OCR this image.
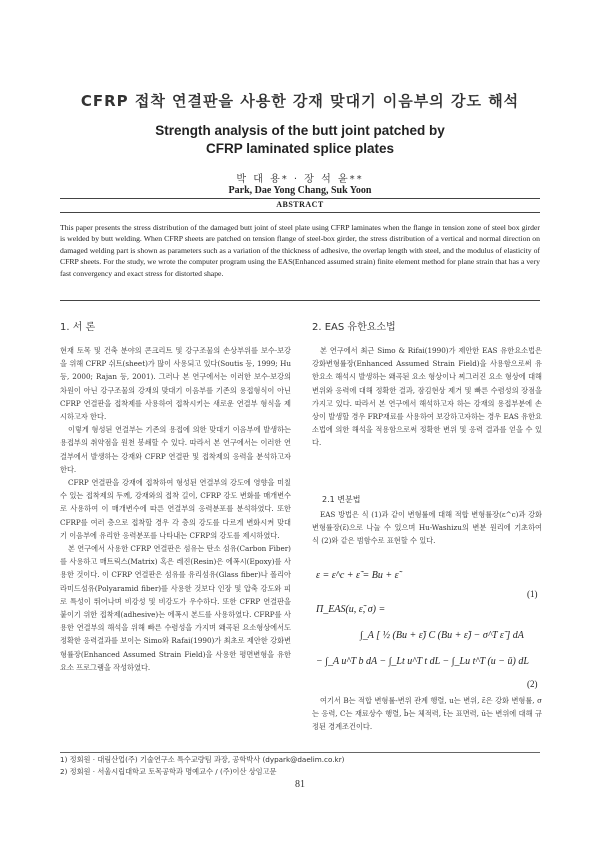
CFRP 접착 연결판을 사용한 강재 맞대기 이음부의 강도 해석
Strength analysis of the butt joint patched by
CFRP laminated splice plates
박 대 용* · 장 석 윤**
Park, Dae Yong Chang, Suk Yoon
ABSTRACT
This paper presents the stress distribution of the damaged butt joint of steel plate using CFRP laminates when the flange in tension zone of steel box girder is welded by butt welding. When CFRP sheets are patched on tension flange of steel-box girder, the stress distribution of a vertical and normal direction on damaged welding part is shown as parameters such as a variation of the thickness of adhesive, the overlap length with steel, and the modulus of elasticity of CFRP sheets. For the study, we wrote the computer program using the EAS(Enhanced assumed strain) finite element method for plane strain that has a very fast convergency and exact stress for distorted shape.
1. 서 론
현재 토목 및 건축 분야의 콘크리트 및 강구조물의 손상부위를 보수·보강을 위해 CFRP 쉬트(sheet)가 많이 사용되고 있다(Soutis 등, 1999; Hu 등, 2000; Rajan 등, 2001). 그러나 본 연구에서는 이러한 보수·보강의 차원이 아닌 강구조물의 강재의 맞대기 이음부를 기존의 용접형식이 아닌 CFRP 연결판을 접착제를 사용하여 접착시키는 새로운 연결부 형식을 제시하고자 한다.
이렇게 형성된 연결부는 기존의 용접에 의한 맞대기 이음부에 발생하는 용접부의 취약점을 원천 봉쇄할 수 있다. 따라서 본 연구에서는 이러한 연결부에서 발생하는 강재와 CFRP 연결판 및 접착제의 응력을 분석하고자 한다.
CFRP 연결판을 강재에 접착하여 형성된 연결부의 강도에 영향을 미칠 수 있는 접착제의 두께, 강재와의 접착 길이, CFRP 강도 변화를 매개변수로 사용하여 이 매개변수에 따른 연결부의 응력분포를 분석하였다. 또한 CFRP를 여러 층으로 접착할 경우 각 층의 강도를 다르게 변화시켜 맞대기 이음부에 유리한 응력분포를 나타내는 CFRP의 강도를 제시하였다.
본 연구에서 사용한 CFRP 연결판은 섬유는 탄소 섬유(Carbon Fiber)를 사용하고 매트릭스(Matrix) 혹은 레진(Resin)은 에폭시(Epoxy)를 사용한 것이다. 이 CFRP 연결판은 섬유를 유리섬유(Glass fiber)나 폴리아라미드섬유(Polyaramid fiber)를 사용한 것보다 인장 및 압축 강도와 피로 특성이 뛰어나며 비강성 및 비강도가 우수하다. 또한 CFRP 연결판을 붙이기 위한 접착제(adhesive)는 에폭시 본드를 사용하였다. CFRP를 사용한 연결부의 해석을 위해 빠른 수렴성을 가지며 왜곡된 요소형상에서도 정확한 응력결과를 보이는 Simo와 Rafai(1990)가 최초로 제안한 강화변형률장(Enhanced Assumed Strain Field)을 사용한 평면변형을 유한요소 프로그램을 작성하였다.
2. EAS 유한요소법
본 연구에서 최근 Simo & Rifai(1990)가 제안한 EAS 유한요소법은 강화변형률장(Enhanced Assumed Strain Field)을 사용함으로써 유한요소 해석시 발생하는 왜곡된 요소 형상이나 찌그러진 요소 형상에 대해 변위와 응력에 대해 정확한 결과, 잠김현상 제거 및 빠른 수렴성의 장점을 가지고 있다. 따라서 본 연구에서 해석하고자 하는 강재의 용접부분에 손상이 발생할 경우 FRP재료를 사용하여 보강하고자하는 경우 EAS 유한요소법에 의한 해석을 적용함으로써 정확한 변위 및 응력 결과를 얻을 수 있다.
2.1 변분법
EAS 방법은 식 (1)과 같이 변형률에 대해 적합 변형률장(ε^c)과 강화 변형률장(ε̃)으로 나눌 수 있으며 Hu-Washizu의 변분 원리에 기초하여 식 (2)와 같은 범함수로 표현할 수 있다.
ε = ε^c + ε̃ = Bu + ε̃
(1)
Π_EAS(u, ε̃, σ) =
∫_A [ ½ (Bu + ε̃) C (Bu + ε̃) − σ^T ε̃ ] dA
− ∫_A u^T b dA − ∫_Lt u^T t dL − ∫_Lu t^T (u − ū) dL
(2)
여기서 B는 적합 변형률-변위 관계 행렬, u는 변위, ε̃은 강화 변형률, σ는 응력, C는 재료상수 행렬, b̄는 체적력, t̄는 표면력, ū는 변위에 대해 규정된 경계조건이다.
1) 정회원 · 대림산업(주) 기술연구소 특수교량팀 과장, 공학박사 (dypark@daelim.co.kr)
2) 정회원 · 서울시립대학교 토목공학과 명예교수 / (주)이산 상임고문
81
